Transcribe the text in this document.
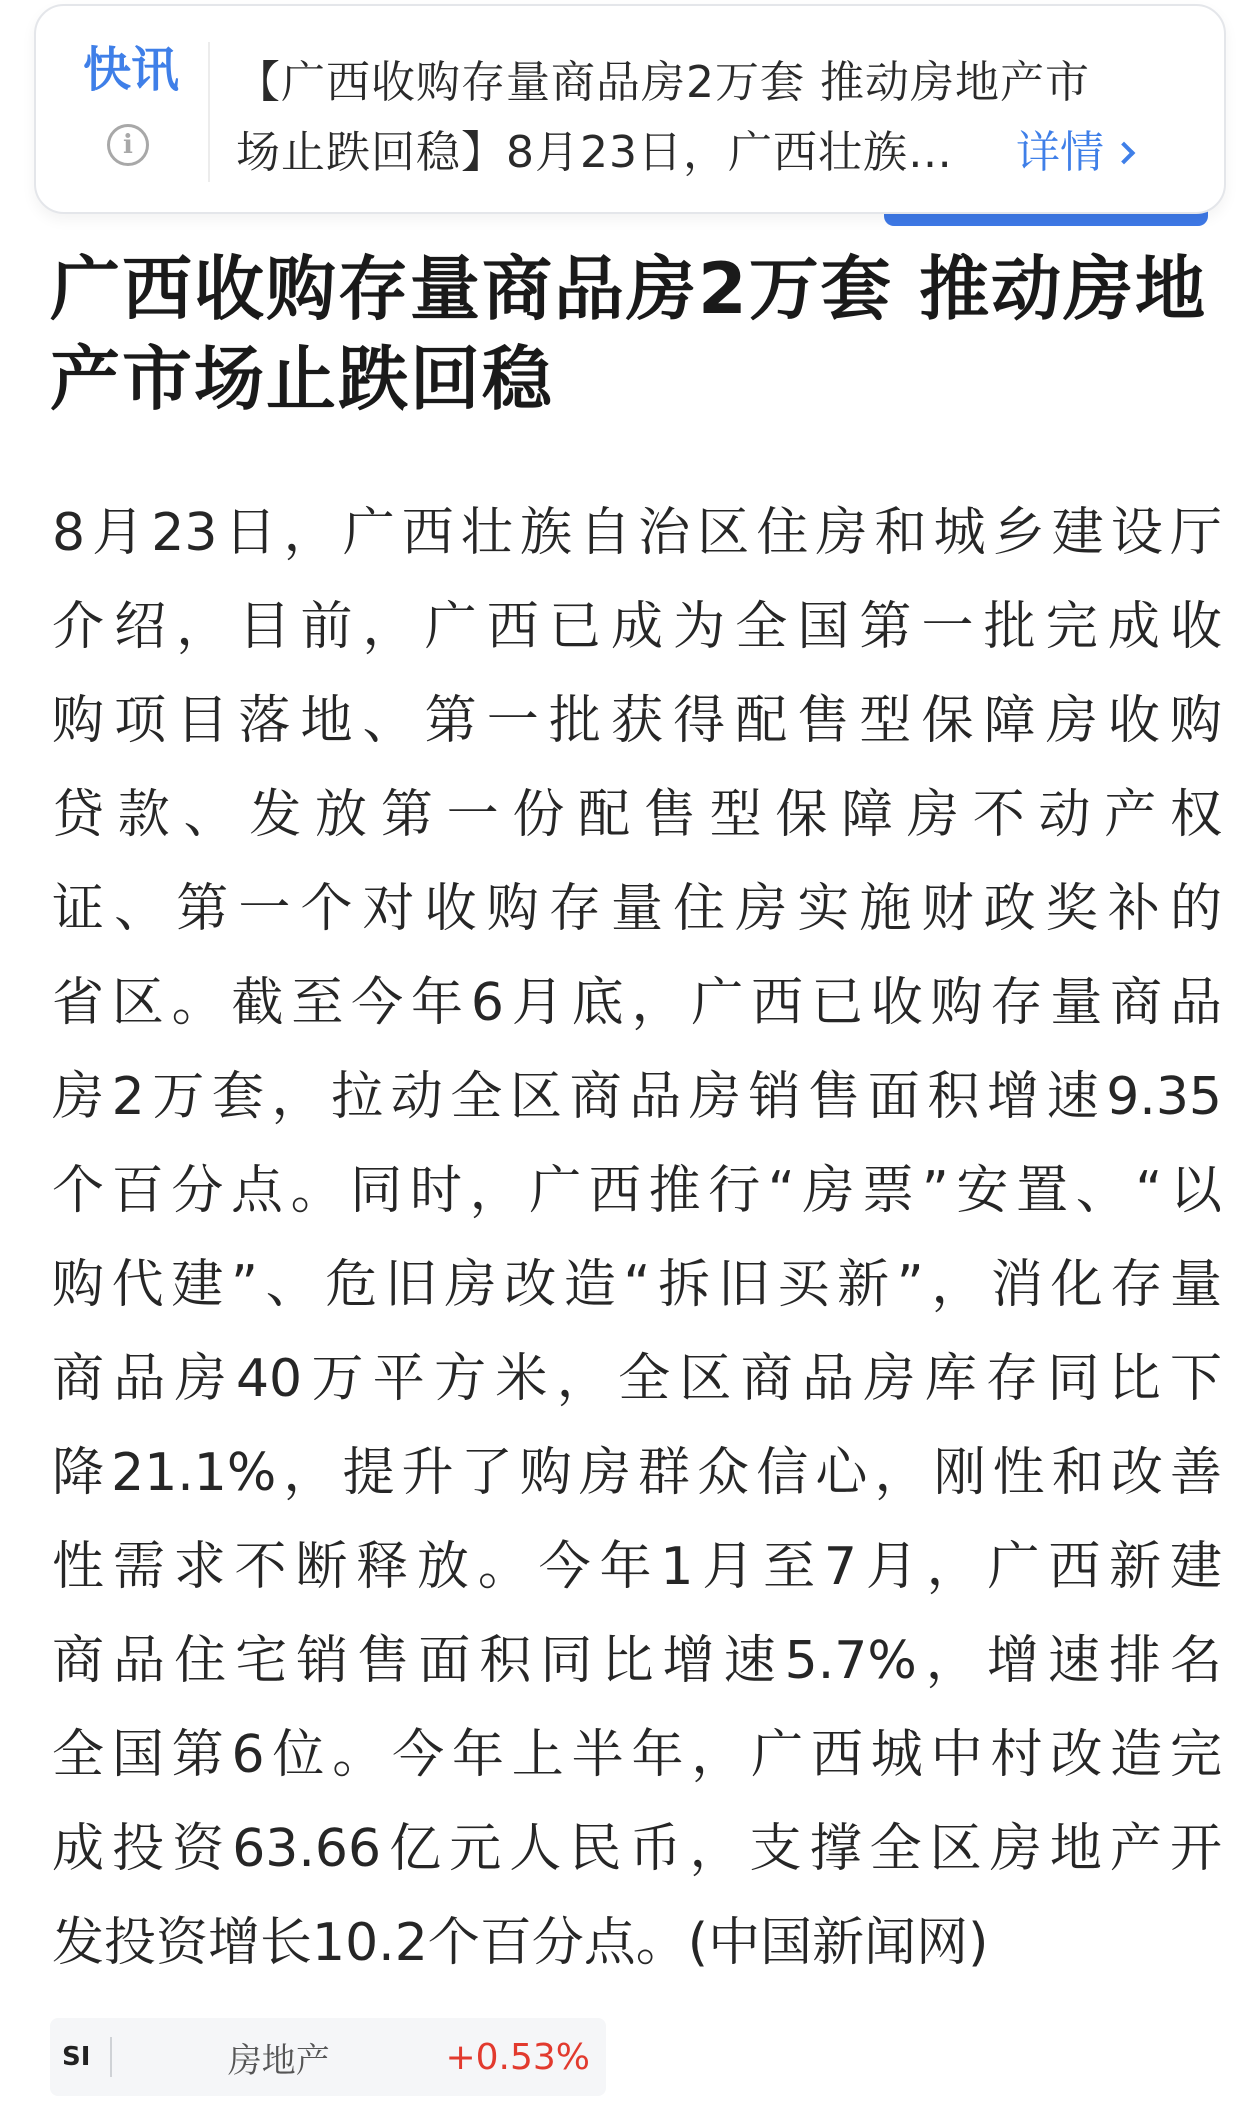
快讯
i
【广西收购存量商品房2万套 推动房地产市
场止跌回稳】8月23日，广西壮族…	详情
广西收购存量商品房2万套 推动房地产市场止跌回稳
8月23日，广西壮族自治区住房和城乡建设厅
介绍，目前，广西已成为全国第一批完成收
购项目落地、第一批获得配售型保障房收购
贷款、发放第一份配售型保障房不动产权
证、第一个对收购存量住房实施财政奖补的
省区。截至今年6月底，广西已收购存量商品
房2万套，拉动全区商品房销售面积增速9.35
个百分点。同时，广西推行“房票”安置、“以
购代建”、危旧房改造“拆旧买新”，消化存量
商品房40万平方米，全区商品房库存同比下
降21.1%，提升了购房群众信心，刚性和改善
性需求不断释放。今年1月至7月，广西新建
商品住宅销售面积同比增速5.7%，增速排名
全国第6位。今年上半年，广西城中村改造完
成投资63.66亿元人民币，支撑全区房地产开
发投资增长10.2个百分点。(中国新闻网)
SI	房地产	+0.53%
